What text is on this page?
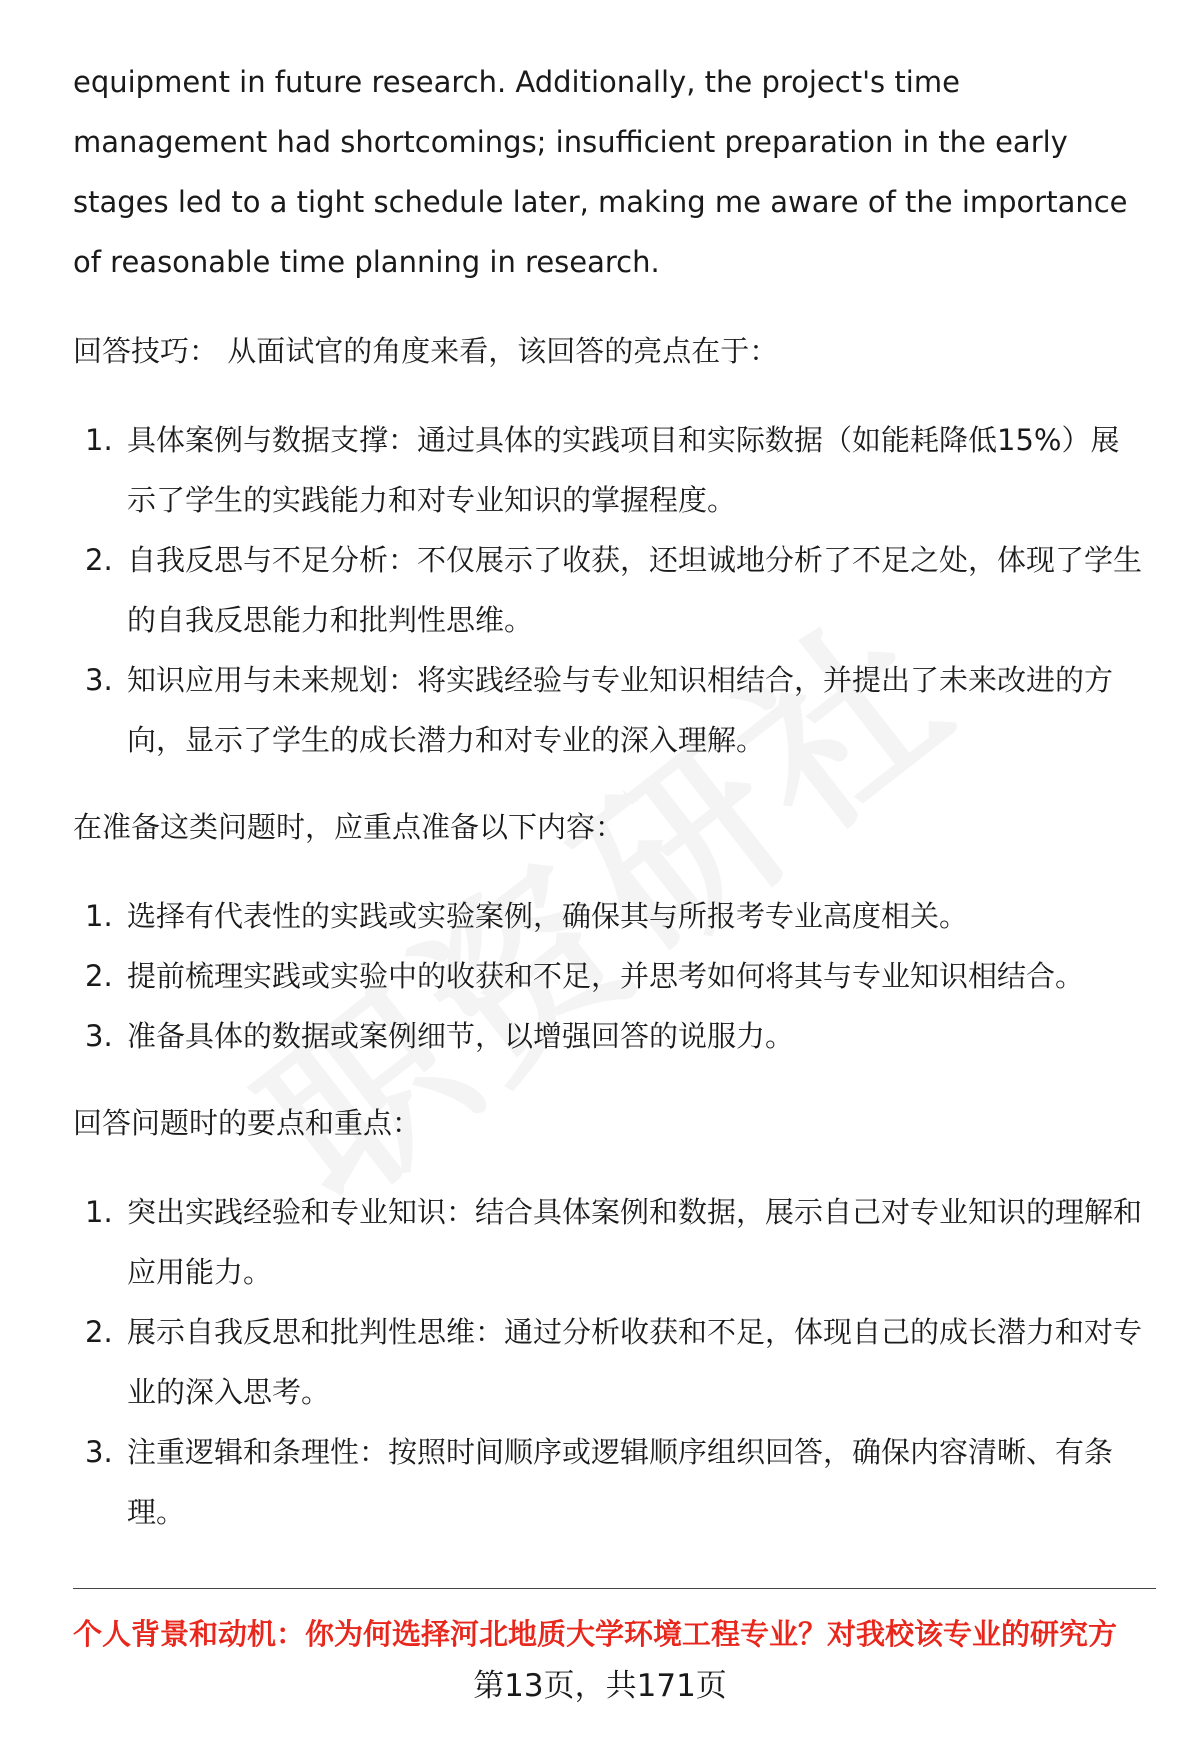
equipment in future research. Additionally, the project's time management had shortcomings; insufficient preparation in the early stages led to a tight schedule later, making me aware of the importance of reasonable time planning in research.

回答技巧： 从面试官的角度来看，该回答的亮点在于：

1. 具体案例与数据支撑：通过具体的实践项目和实际数据（如能耗降低15%）展示了学生的实践能力和对专业知识的掌握程度。
2. 自我反思与不足分析：不仅展示了收获，还坦诚地分析了不足之处，体现了学生的自我反思能力和批判性思维。
3. 知识应用与未来规划：将实践经验与专业知识相结合，并提出了未来改进的方向，显示了学生的成长潜力和对专业的深入理解。

在准备这类问题时，应重点准备以下内容：

1. 选择有代表性的实践或实验案例，确保其与所报考专业高度相关。
2. 提前梳理实践或实验中的收获和不足，并思考如何将其与专业知识相结合。
3. 准备具体的数据或案例细节，以增强回答的说服力。

回答问题时的要点和重点：

1. 突出实践经验和专业知识：结合具体案例和数据，展示自己对专业知识的理解和应用能力。
2. 展示自我反思和批判性思维：通过分析收获和不足，体现自己的成长潜力和对专业的深入思考。
3. 注重逻辑和条理性：按照时间顺序或逻辑顺序组织回答，确保内容清晰、有条理。
个人背景和动机：你为何选择河北地质大学环境工程专业？对我校该专业的研究方
第13页，共171页
